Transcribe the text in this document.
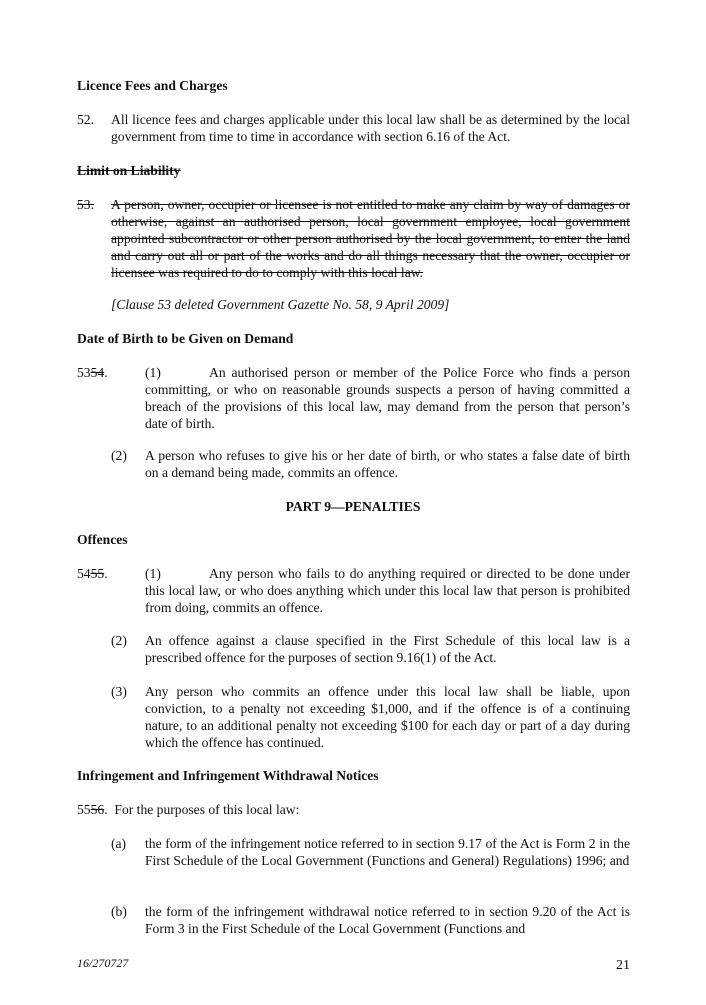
Licence Fees and Charges

52. All licence fees and charges applicable under this local law shall be as determined by the local government from time to time in accordance with section 6.16 of the Act.

Limit on Liability

53. A person, owner, occupier or licensee is not entitled to make any claim by way of damages or otherwise, against an authorised person, local government employee, local government appointed subcontractor or other person authorised by the local government, to enter the land and carry out all or part of the works and do all things necessary that the owner, occupier or licensee was required to do to comply with this local law.

[Clause 53 deleted Government Gazette No. 58, 9 April 2009]

Date of Birth to be Given on Demand

5354.	(1)	An authorised person or member of the Police Force who finds a person committing, or who on reasonable grounds suspects a person of having committed a breach of the provisions of this local law, may demand from the person that person’s date of birth.

(2) A person who refuses to give his or her date of birth, or who states a false date of birth on a demand being made, commits an offence.

PART 9—PENALTIES

Offences

5455.	(1)	Any person who fails to do anything required or directed to be done under this local law, or who does anything which under this local law that person is prohibited from doing, commits an offence.

(2) An offence against a clause specified in the First Schedule of this local law is a prescribed offence for the purposes of section 9.16(1) of the Act.

(3) Any person who commits an offence under this local law shall be liable, upon conviction, to a penalty not exceeding $1,000, and if the offence is of a continuing nature, to an additional penalty not exceeding $100 for each day or part of a day during which the offence has continued.

Infringement and Infringement Withdrawal Notices

5556.  For the purposes of this local law:

(a) the form of the infringement notice referred to in section 9.17 of the Act is Form 2 in the First Schedule of the Local Government (Functions and General) Regulations) 1996; and

(b) the form of the infringement withdrawal notice referred to in section 9.20 of the Act is Form 3 in the First Schedule of the Local Government (Functions and

16/270727	21
